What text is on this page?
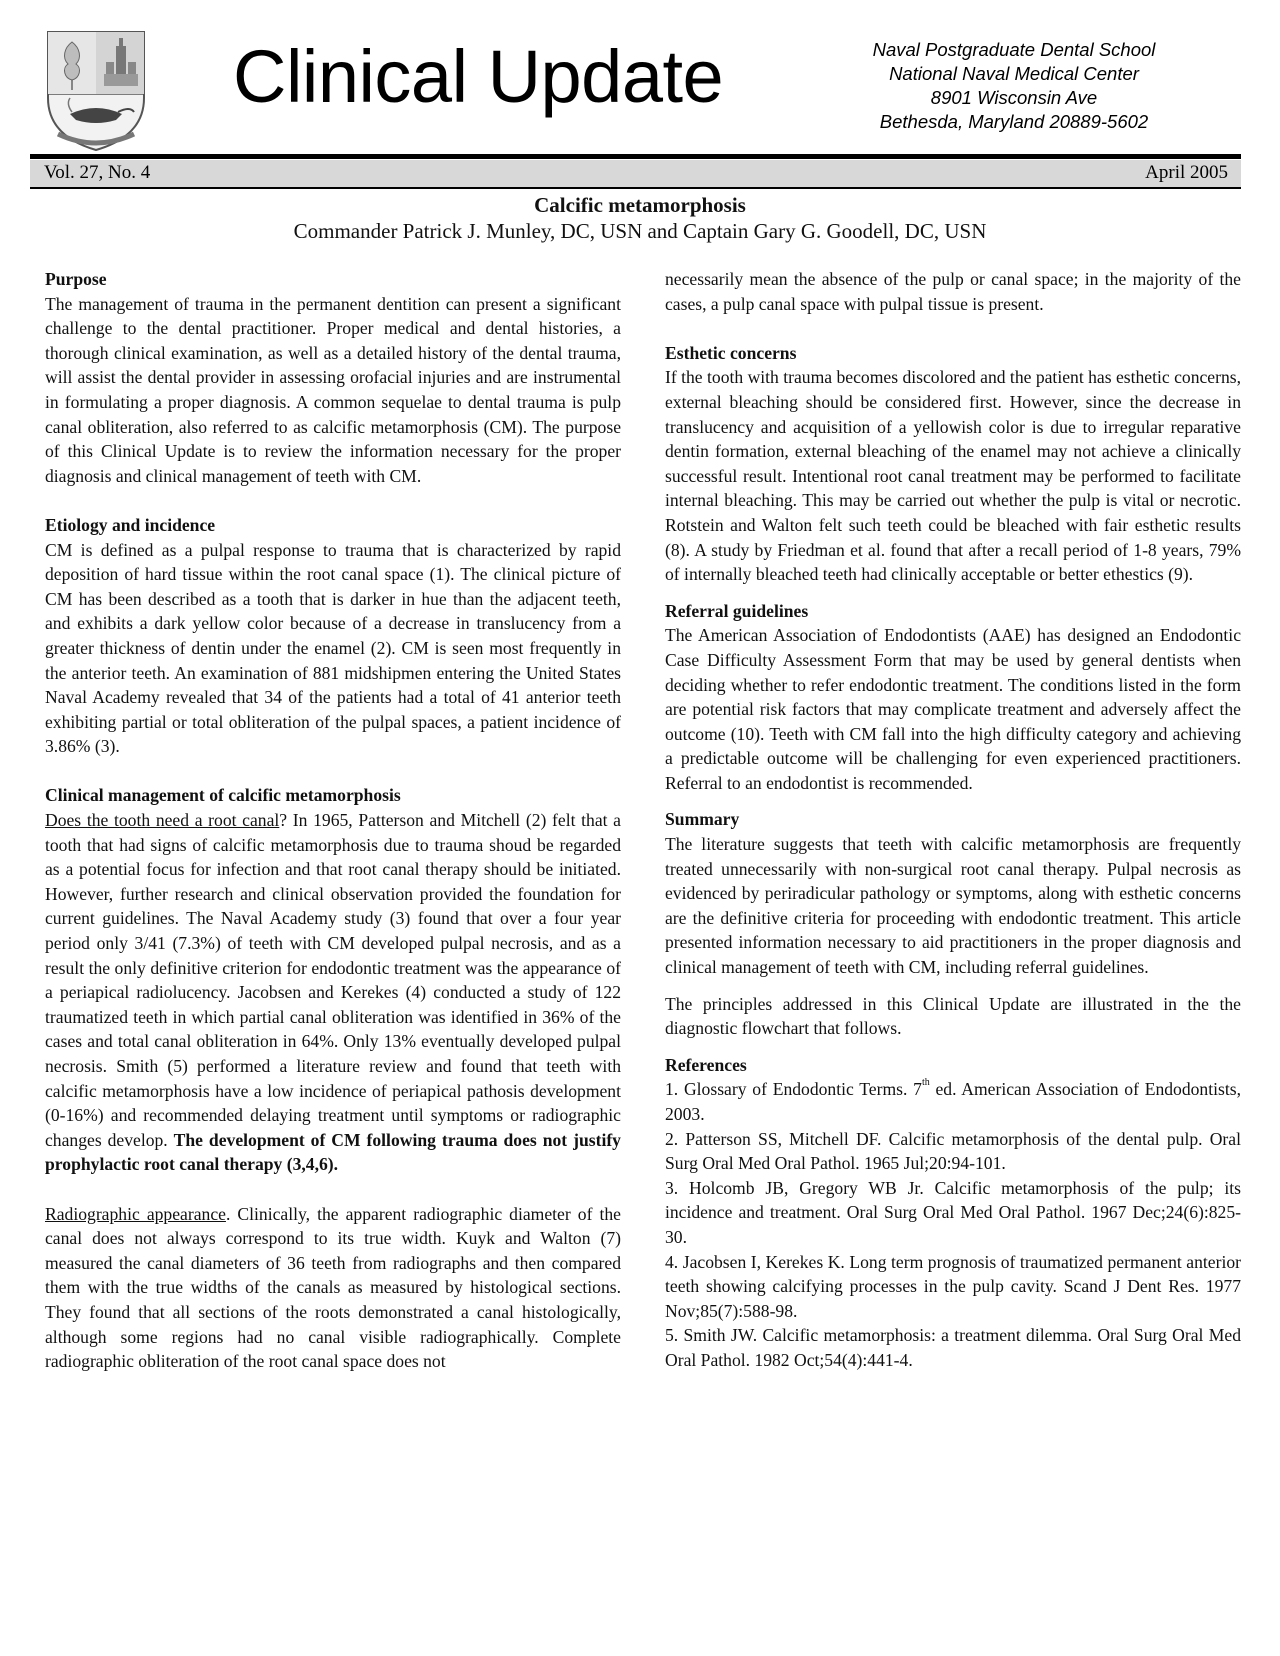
Clinical Update	Naval Postgraduate Dental School
National Naval Medical Center
8901 Wisconsin Ave
Bethesda, Maryland 20889-5602
Vol. 27, No. 4	April 2005
Calcific metamorphosis
Commander Patrick J. Munley, DC, USN and Captain Gary G. Goodell, DC, USN
Purpose

The management of trauma in the permanent dentition can present a significant challenge to the dental practitioner. Proper medical and dental histories, a thorough clinical examination, as well as a detailed history of the dental trauma, will assist the dental provider in assessing orofacial injuries and are instrumental in formulating a proper diagnosis. A common sequelae to dental trauma is pulp canal obliteration, also referred to as calcific metamorphosis (CM). The purpose of this Clinical Update is to review the information necessary for the proper diagnosis and clinical management of teeth with CM.

Etiology and incidence

CM is defined as a pulpal response to trauma that is characterized by rapid deposition of hard tissue within the root canal space (1). The clinical picture of CM has been described as a tooth that is darker in hue than the adjacent teeth, and exhibits a dark yellow color because of a decrease in translucency from a greater thickness of dentin under the enamel (2). CM is seen most frequently in the anterior teeth. An examination of 881 midshipmen entering the United States Naval Academy revealed that 34 of the patients had a total of 41 anterior teeth exhibiting partial or total obliteration of the pulpal spaces, a patient incidence of 3.86% (3).

Clinical management of calcific metamorphosis

Does the tooth need a root canal? In 1965, Patterson and Mitchell (2) felt that a tooth that had signs of calcific metamorphosis due to trauma shoud be regarded as a potential focus for infection and that root canal therapy should be initiated. However, further research and clinical observation provided the foundation for current guidelines. The Naval Academy study (3) found that over a four year period only 3/41 (7.3%) of teeth with CM developed pulpal necrosis, and as a result the only definitive criterion for endodontic treatment was the appearance of a periapical radiolucency. Jacobsen and Kerekes (4) conducted a study of 122 traumatized teeth in which partial canal obliteration was identified in 36% of the cases and total canal obliteration in 64%. Only 13% eventually developed pulpal necrosis. Smith (5) performed a literature review and found that teeth with calcific metamorphosis have a low incidence of periapical pathosis development (0-16%) and recommended delaying treatment until symptoms or radiographic changes develop. The development of CM following trauma does not justify prophylactic root canal therapy (3,4,6).

Radiographic appearance. Clinically, the apparent radiographic diameter of the canal does not always correspond to its true width. Kuyk and Walton (7) measured the canal diameters of 36 teeth from radiographs and then compared them with the true widths of the canals as measured by histological sections. They found that all sections of the roots demonstrated a canal histologically, although some regions had no canal visible radiographically. Complete radiographic obliteration of the root canal space does not

necessarily mean the absence of the pulp or canal space; in the majority of the cases, a pulp canal space with pulpal tissue is present.

Esthetic concerns

If the tooth with trauma becomes discolored and the patient has esthetic concerns, external bleaching should be considered first. However, since the decrease in translucency and acquisition of a yellowish color is due to irregular reparative dentin formation, external bleaching of the enamel may not achieve a clinically successful result. Intentional root canal treatment may be performed to facilitate internal bleaching. This may be carried out whether the pulp is vital or necrotic. Rotstein and Walton felt such teeth could be bleached with fair esthetic results (8). A study by Friedman et al. found that after a recall period of 1-8 years, 79% of internally bleached teeth had clinically acceptable or better ethestics (9).

Referral guidelines

The American Association of Endodontists (AAE) has designed an Endodontic Case Difficulty Assessment Form that may be used by general dentists when deciding whether to refer endodontic treatment. The conditions listed in the form are potential risk factors that may complicate treatment and adversely affect the outcome (10). Teeth with CM fall into the high difficulty category and achieving a predictable outcome will be challenging for even experienced practitioners. Referral to an endodontist is recommended.

Summary

The literature suggests that teeth with calcific metamorphosis are frequently treated unnecessarily with non-surgical root canal therapy. Pulpal necrosis as evidenced by periradicular pathology or symptoms, along with esthetic concerns are the definitive criteria for proceeding with endodontic treatment. This article presented information necessary to aid practitioners in the proper diagnosis and clinical management of teeth with CM, including referral guidelines.

The principles addressed in this Clinical Update are illustrated in the the diagnostic flowchart that follows.

References

1. Glossary of Endodontic Terms. 7th ed. American Association of Endodontists, 2003.

2. Patterson SS, Mitchell DF. Calcific metamorphosis of the dental pulp. Oral Surg Oral Med Oral Pathol. 1965 Jul;20:94-101.

3. Holcomb JB, Gregory WB Jr. Calcific metamorphosis of the pulp; its incidence and treatment. Oral Surg Oral Med Oral Pathol. 1967 Dec;24(6):825-30.

4. Jacobsen I, Kerekes K. Long term prognosis of traumatized permanent anterior teeth showing calcifying processes in the pulp cavity. Scand J Dent Res. 1977 Nov;85(7):588-98.

5. Smith JW. Calcific metamorphosis: a treatment dilemma. Oral Surg Oral Med Oral Pathol. 1982 Oct;54(4):441-4.
